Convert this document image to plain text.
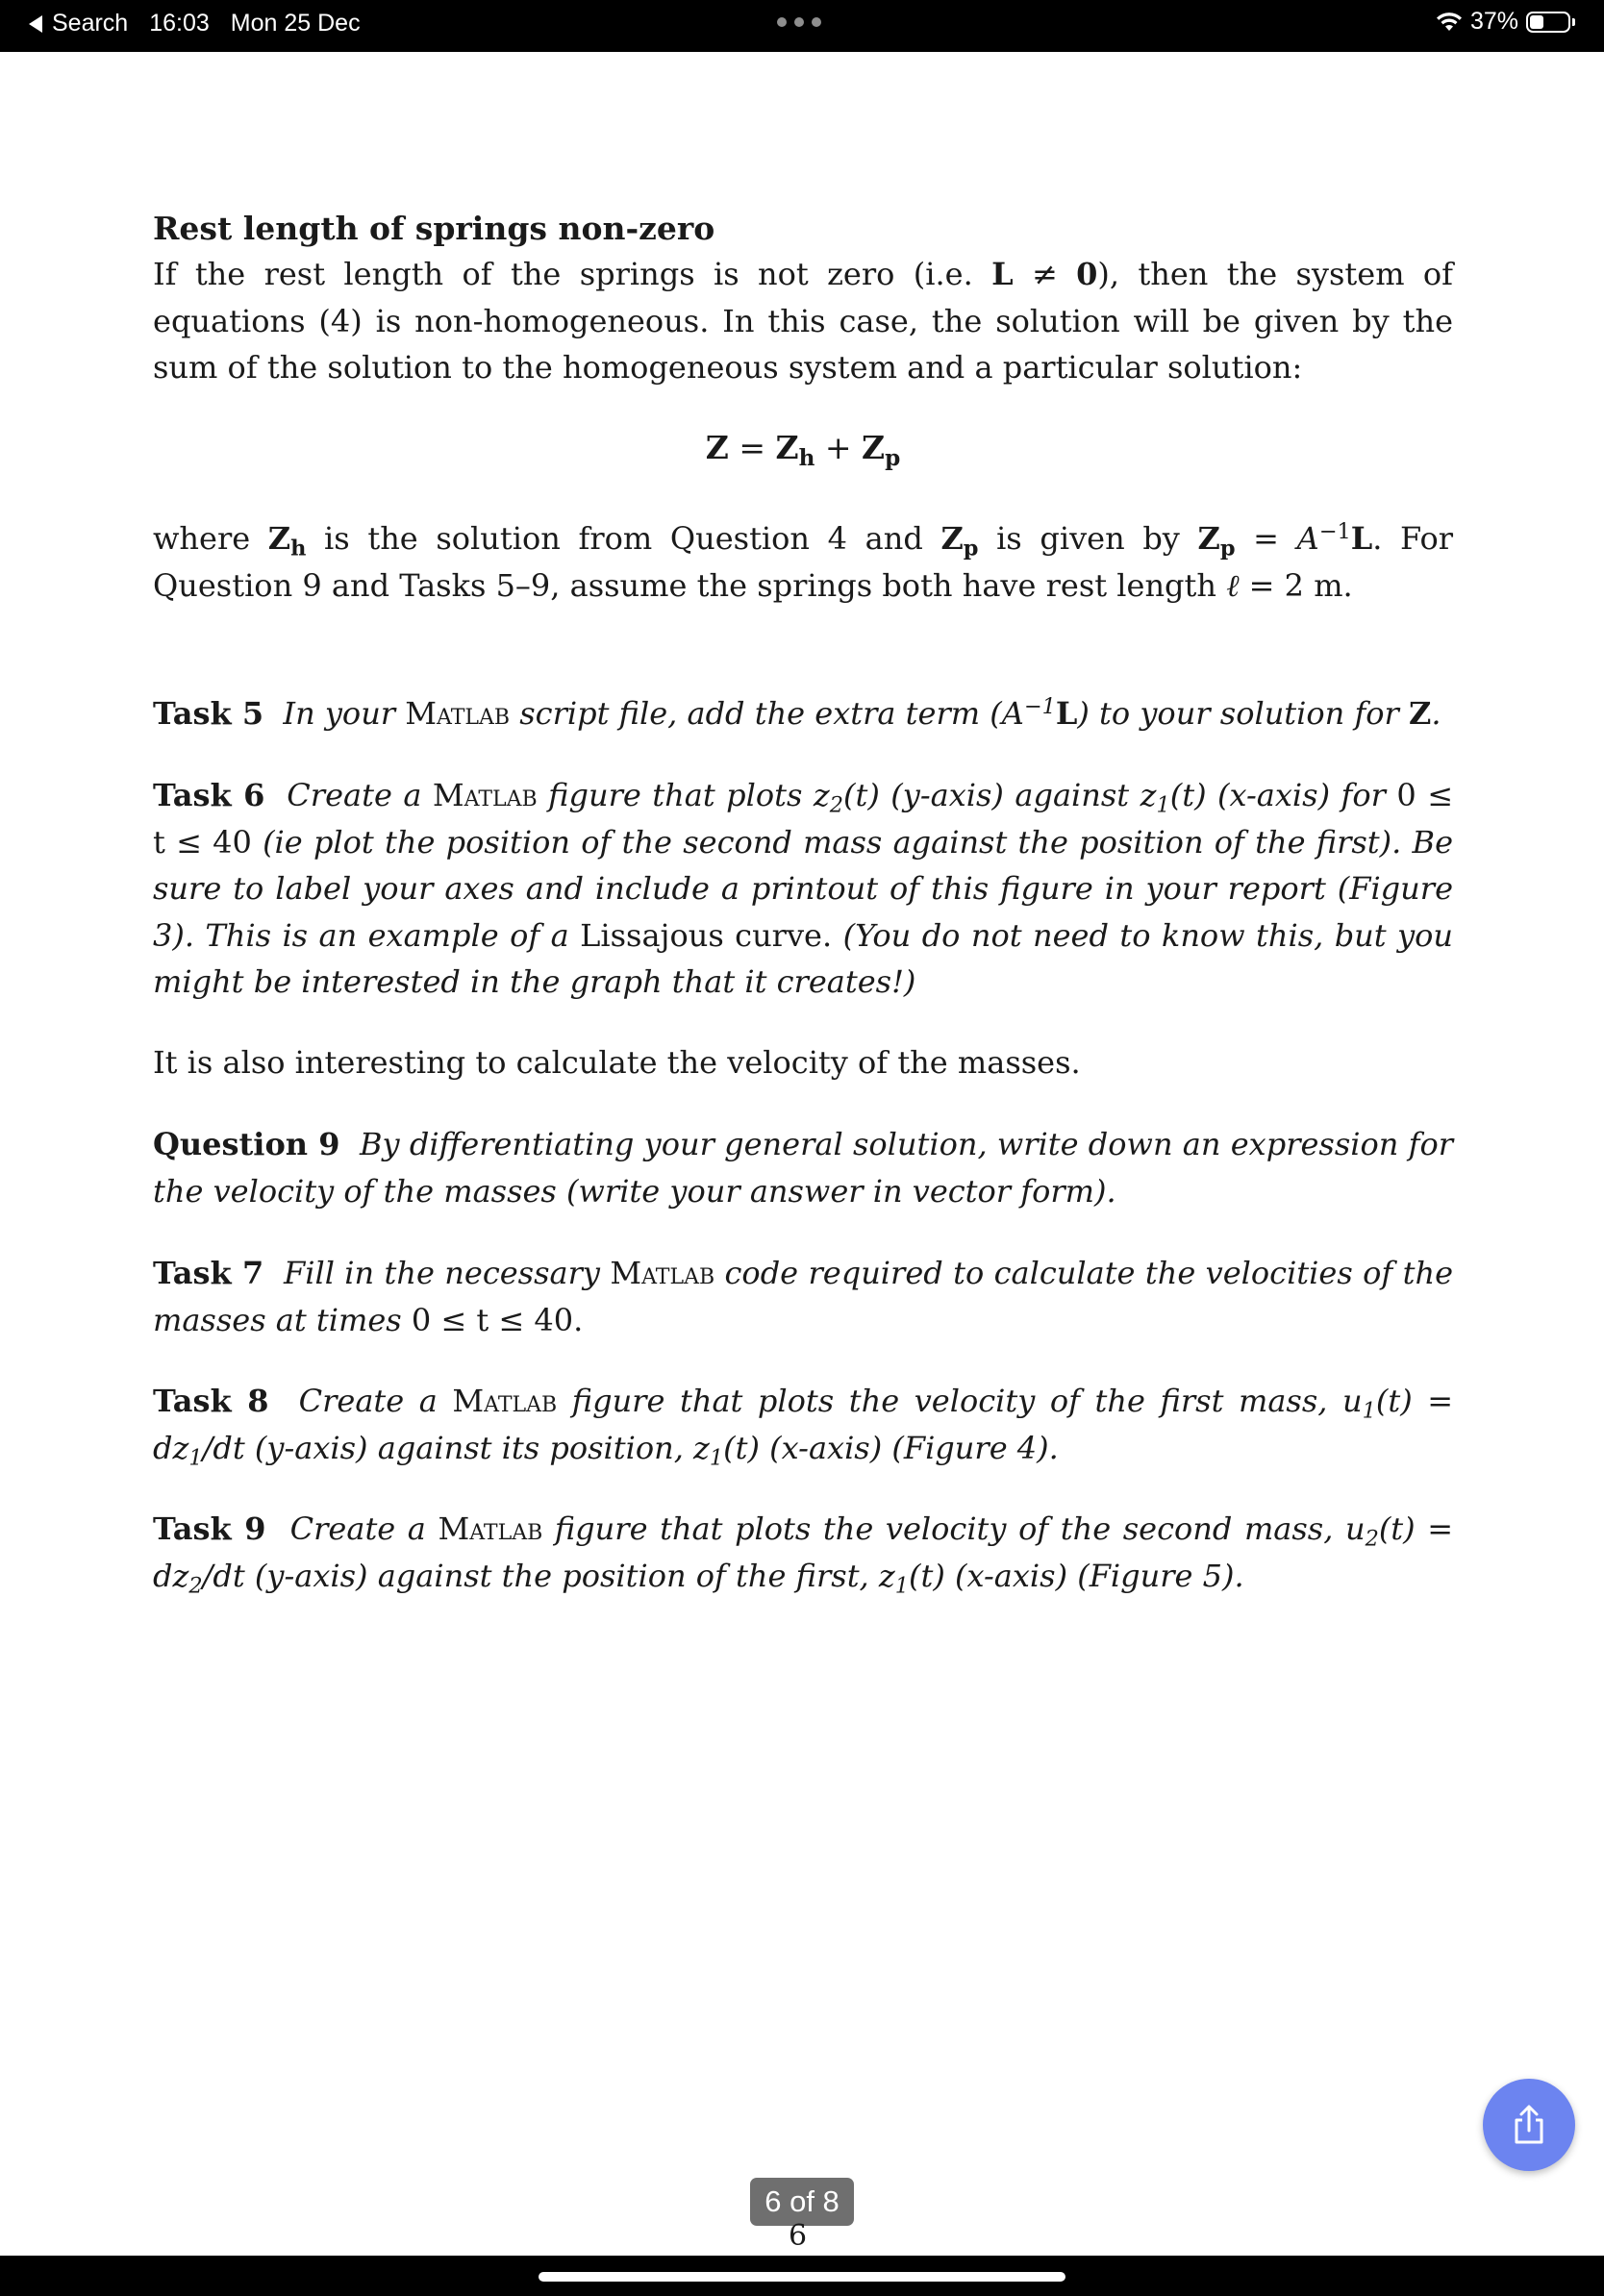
Search 16:03 Mon 25 Dec	37%
Rest length of springs non-zero

If the rest length of the springs is not zero (i.e. L ≠ 0), then the system of equations (4) is non-homogeneous. In this case, the solution will be given by the sum of the solution to the homogeneous system and a particular solution:

$Z = Z_h + Z_p$

where $Z_h$ is the solution from Question 4 and $Z_p$ is given by $Z_p = A^{-1}L$. For Question 9 and Tasks 5–9, assume the springs both have rest length ℓ = 2 m.

Task 5 In your Matlab script file, add the extra term $(A^{-1}L)$ to your solution for Z.

Task 6 Create a Matlab figure that plots $z_2(t)$ (y-axis) against $z_1(t)$ (x-axis) for 0 ≤ t ≤ 40 (ie plot the position of the second mass against the position of the first). Be sure to label your axes and include a printout of this figure in your report (Figure 3). This is an example of a Lissajous curve. (You do not need to know this, but you might be interested in the graph that it creates!)

It is also interesting to calculate the velocity of the masses.

Question 9 By differentiating your general solution, write down an expression for the velocity of the masses (write your answer in vector form).

Task 7 Fill in the necessary Matlab code required to calculate the velocities of the masses at times 0 ≤ t ≤ 40.

Task 8 Create a Matlab figure that plots the velocity of the first mass, $u_1(t) = dz_1/dt$ (y-axis) against its position, $z_1(t)$ (x-axis) (Figure 4).

Task 9 Create a Matlab figure that plots the velocity of the second mass, $u_2(t) = dz_2/dt$ (y-axis) against the position of the first, $z_1(t)$ (x-axis) (Figure 5).

6 of 8
6
